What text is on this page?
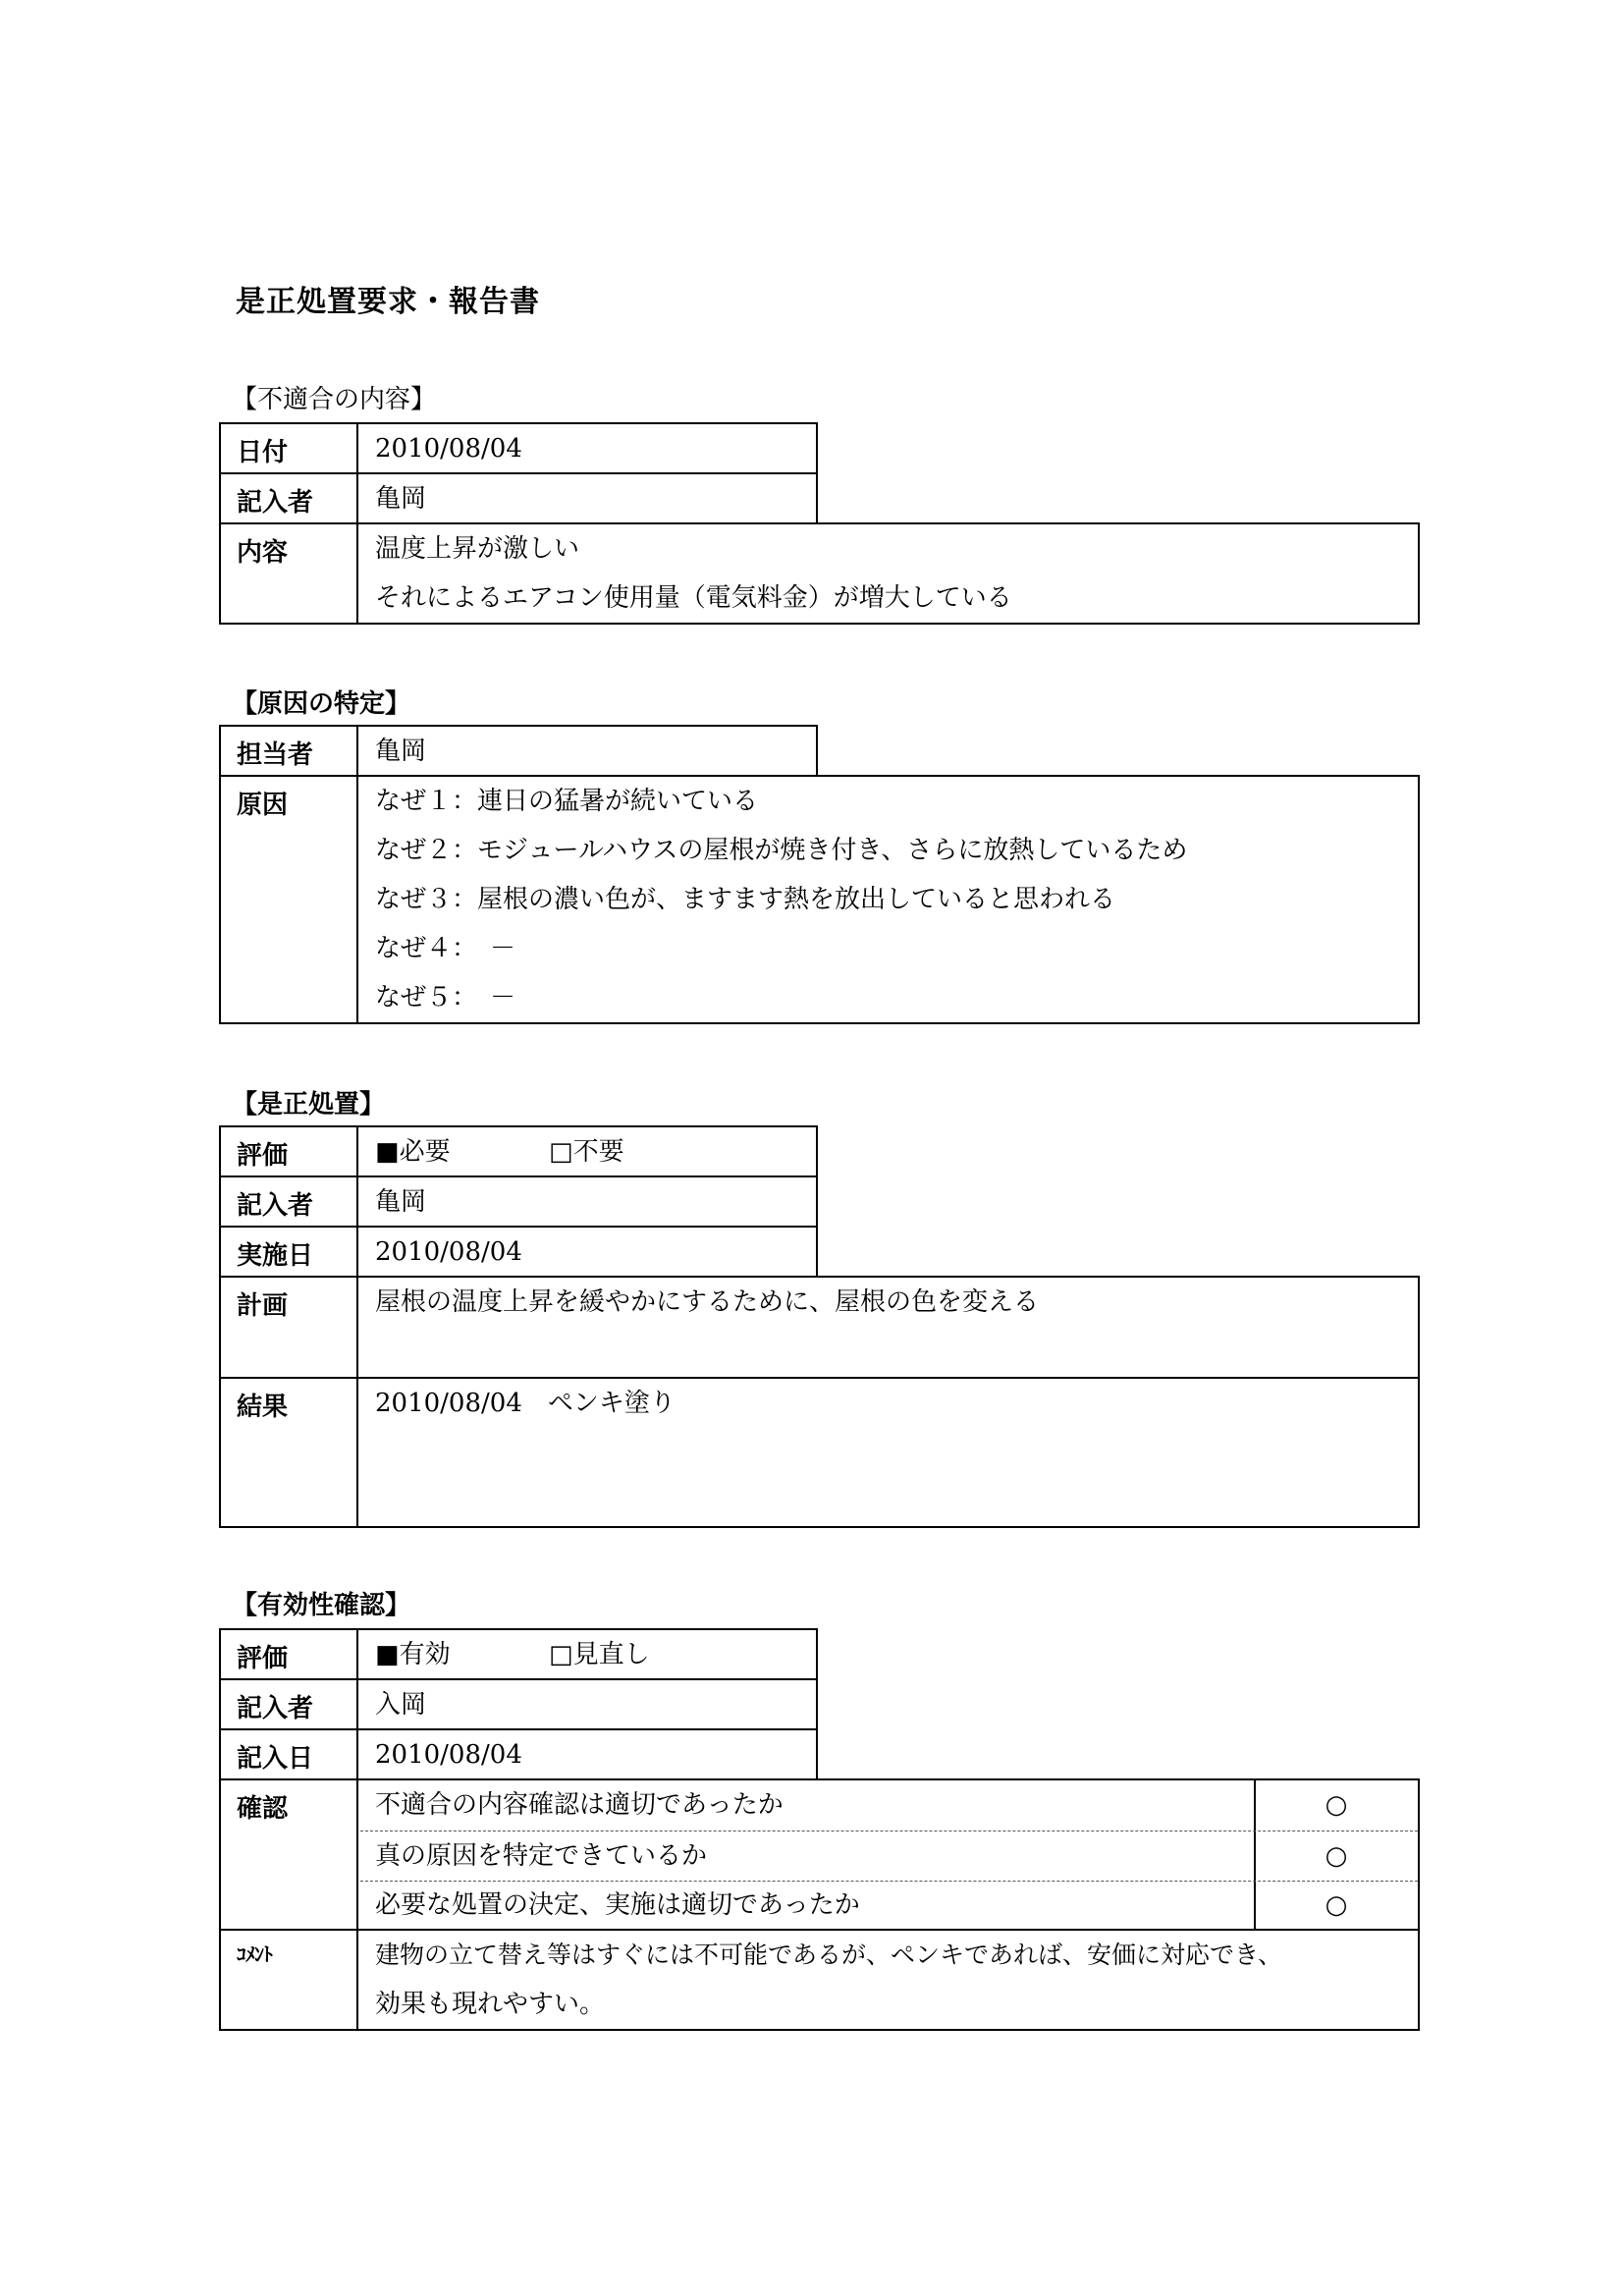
是正処置要求・報告書
【不適合の内容】
日付	2010/08/04
記入者	亀岡
内容	温度上昇が激しい
それによるエアコン使用量（電気料金）が増大している
【原因の特定】
担当者	亀岡
原因	なぜ１：連日の猛暑が続いている
なぜ２：モジュールハウスの屋根が焼き付き、さらに放熱しているため
なぜ３：屋根の濃い色が、ますます熱を放出していると思われる
なぜ４：　－
なぜ５：　－
【是正処置】
評価	■必要	□不要
記入者	亀岡
実施日	2010/08/04
計画	屋根の温度上昇を緩やかにするために、屋根の色を変える
結果	2010/08/04　ペンキ塗り
【有効性確認】
評価	■有効	□見直し
記入者	入岡
記入日	2010/08/04
確認	不適合の内容確認は適切であったか	○
真の原因を特定できているか	○
必要な処置の決定、実施は適切であったか	○
ｺﾒﾝﾄ	建物の立て替え等はすぐには不可能であるが、ペンキであれば、安価に対応でき、
効果も現れやすい。
